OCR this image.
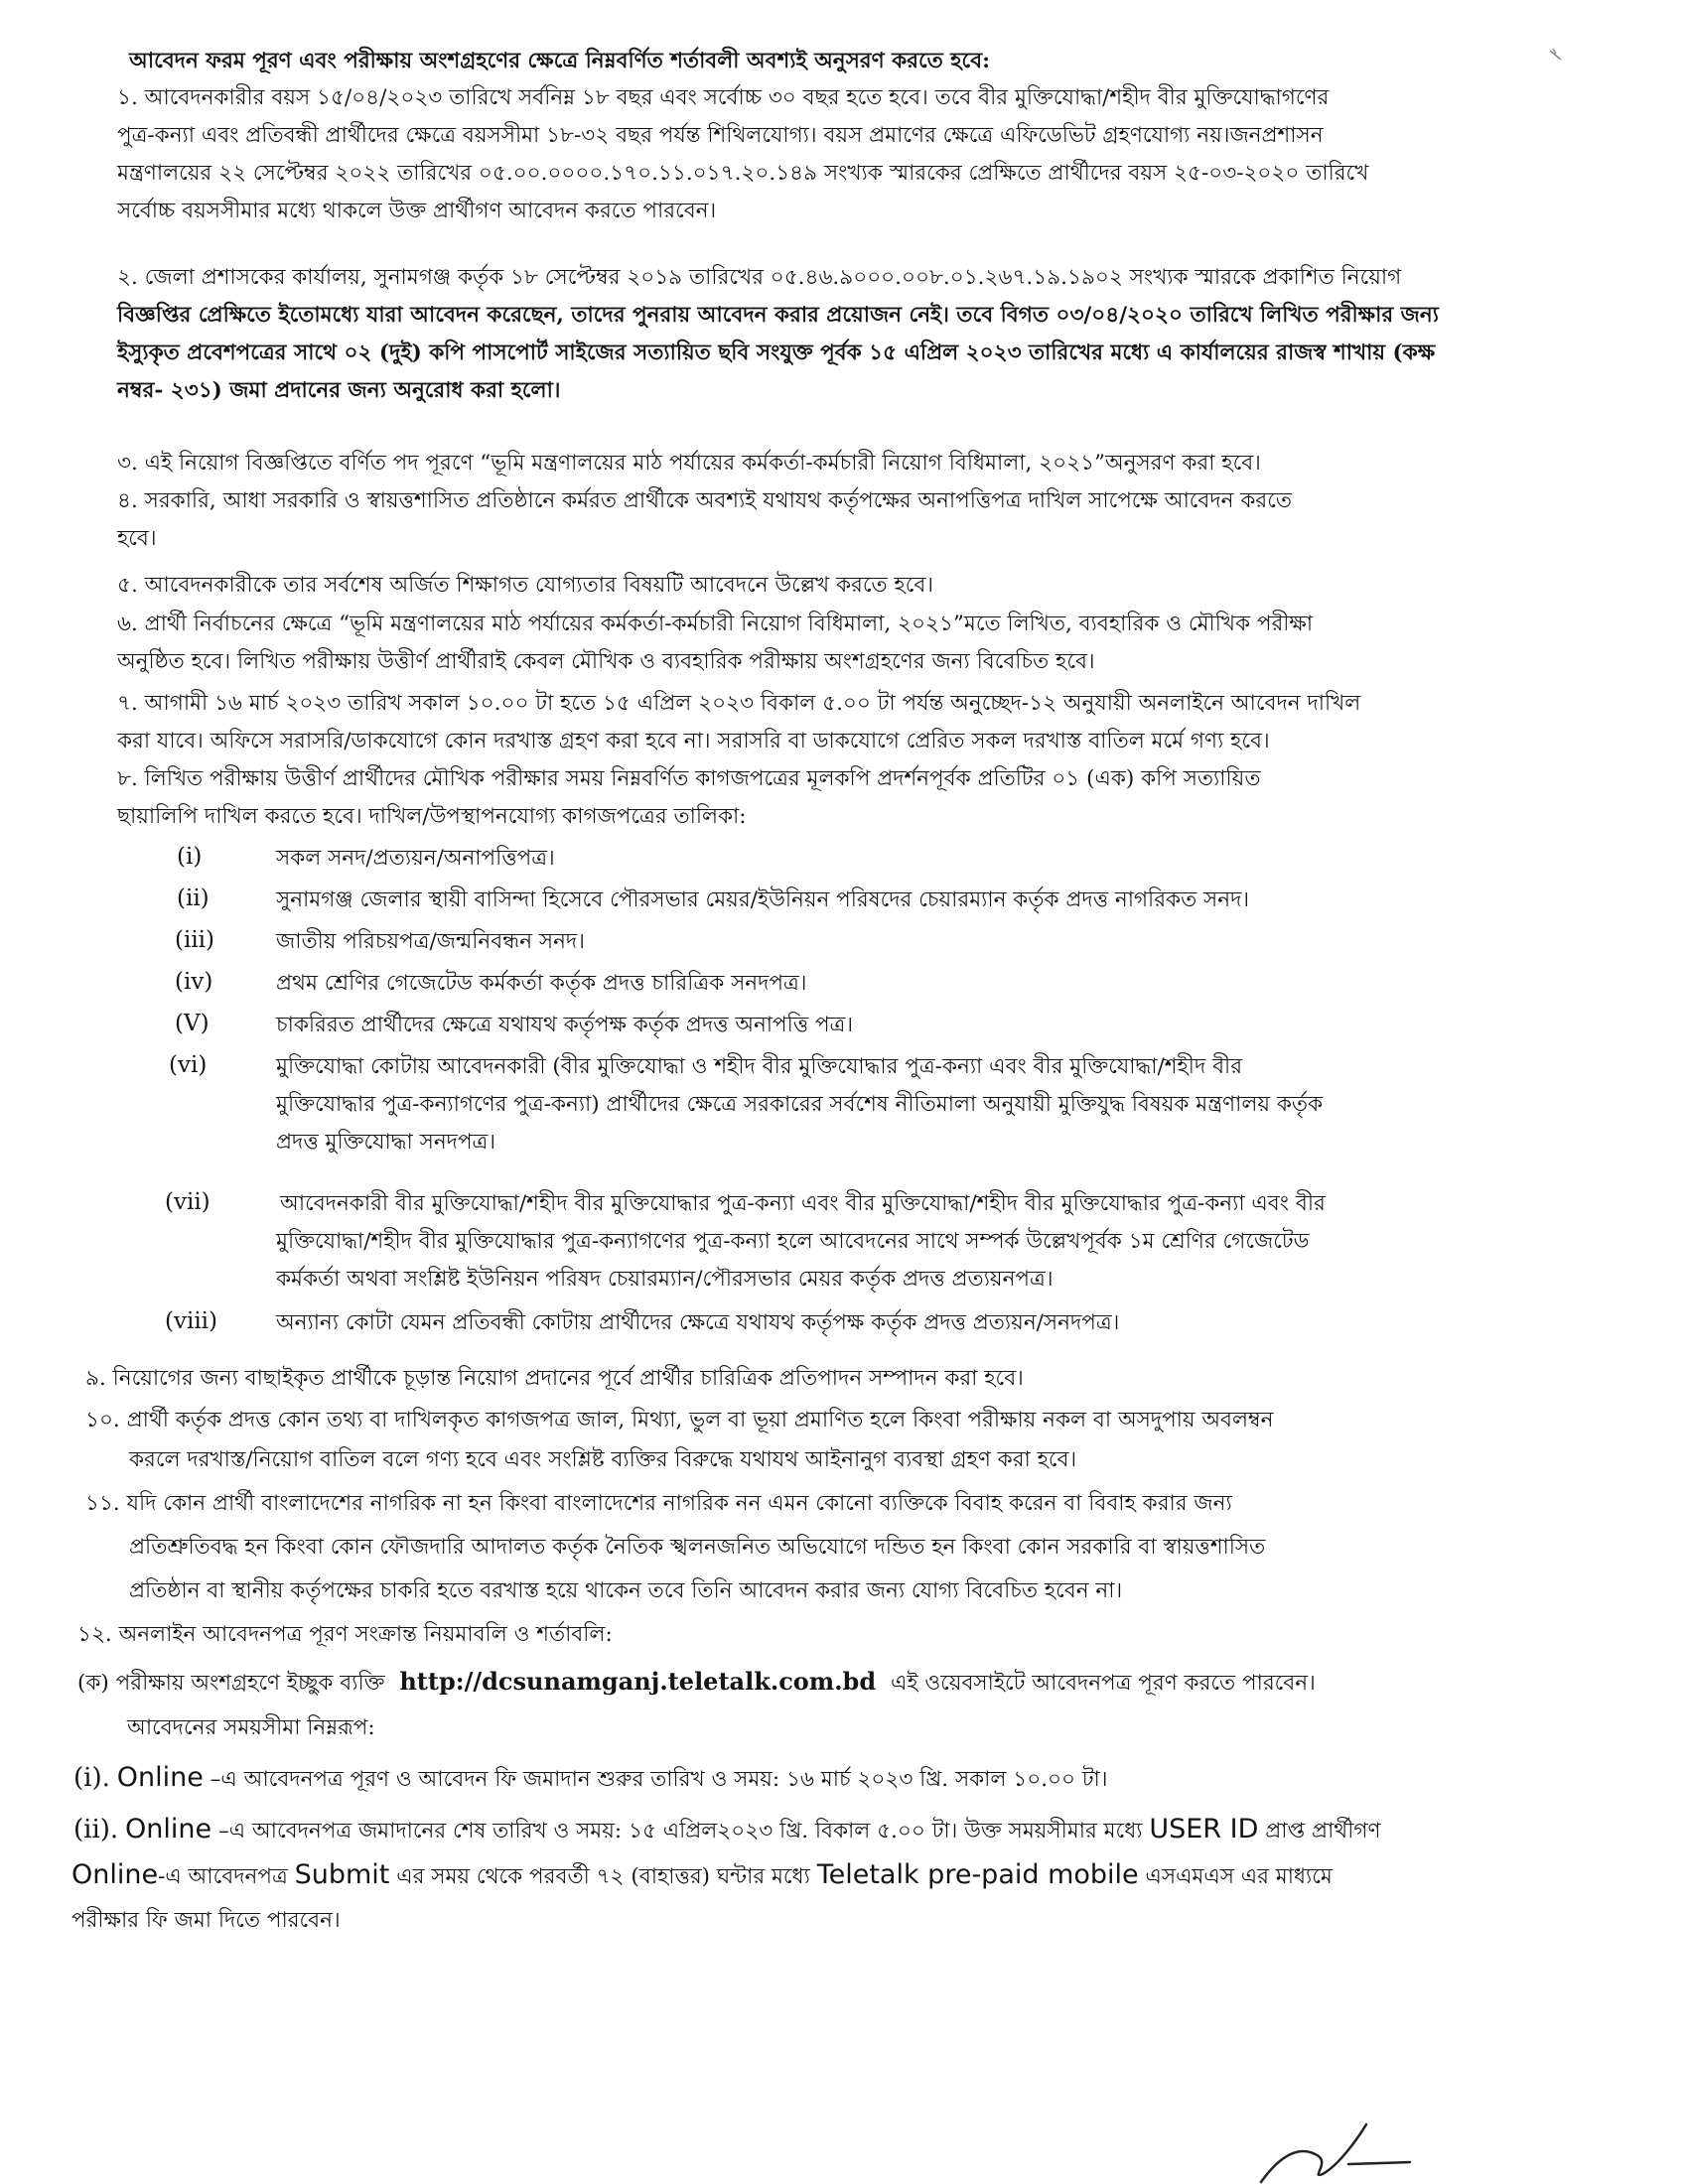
আবেদন ফরম পূরণ এবং পরীক্ষায় অংশগ্রহণের ক্ষেত্রে নিম্নবর্ণিত শর্তাবলী অবশ্যই অনুসরণ করতে হবে:

১. আবেদনকারীর বয়স ১৫/০৪/২০২৩ তারিখে সর্বনিম্ন ১৮ বছর এবং সর্বোচ্চ ৩০ বছর হতে হবে। তবে বীর মুক্তিযোদ্ধা/শহীদ বীর মুক্তিযোদ্ধাগণের

পুত্র-কন্যা এবং প্রতিবন্ধী প্রার্থীদের ক্ষেত্রে বয়সসীমা ১৮-৩২ বছর পর্যন্ত শিথিলযোগ্য। বয়স প্রমাণের ক্ষেত্রে এফিডেভিট গ্রহণযোগ্য নয়।জনপ্রশাসন

মন্ত্রণালয়ের ২২ সেপ্টেম্বর ২০২২ তারিখের ০৫.০০.০০০০.১৭০.১১.০১৭.২০.১৪৯ সংখ্যক স্মারকের প্রেক্ষিতে প্রার্থীদের বয়স ২৫-০৩-২০২০ তারিখে

সর্বোচ্চ বয়সসীমার মধ্যে থাকলে উক্ত প্রার্থীগণ আবেদন করতে পারবেন।

২. জেলা প্রশাসকের কার্যালয়, সুনামগঞ্জ কর্তৃক ১৮ সেপ্টেম্বর ২০১৯ তারিখের ০৫.৪৬.৯০০০.০০৮.০১.২৬৭.১৯.১৯০২ সংখ্যক স্মারকে প্রকাশিত নিয়োগ

বিজ্ঞপ্তির প্রেক্ষিতে ইতোমধ্যে যারা আবেদন করেছেন, তাদের পুনরায় আবেদন করার প্রয়োজন নেই। তবে বিগত ০৩/০৪/২০২০ তারিখে লিখিত পরীক্ষার জন্য

ইস্যুকৃত প্রবেশপত্রের সাথে ০২ (দুই) কপি পাসপোর্ট সাইজের সত্যায়িত ছবি সংযুক্ত পূর্বক ১৫ এপ্রিল ২০২৩ তারিখের মধ্যে এ কার্যালয়ের রাজস্ব শাখায় (কক্ষ

নম্বর- ২৩১) জমা প্রদানের জন্য অনুরোধ করা হলো।

৩. এই নিয়োগ বিজ্ঞপ্তিতে বর্ণিত পদ পূরণে “ভূমি মন্ত্রণালয়ের মাঠ পর্যায়ের কর্মকর্তা-কর্মচারী নিয়োগ বিধিমালা, ২০২১”অনুসরণ করা হবে।

৪. সরকারি, আধা সরকারি ও স্বায়ত্তশাসিত প্রতিষ্ঠানে কর্মরত প্রার্থীকে অবশ্যই যথাযথ কর্তৃপক্ষের অনাপত্তিপত্র দাখিল সাপেক্ষে আবেদন করতে

হবে।

৫. আবেদনকারীকে তার সর্বশেষ অর্জিত শিক্ষাগত যোগ্যতার বিষয়টি আবেদনে উল্লেখ করতে হবে।

৬. প্রার্থী নির্বাচনের ক্ষেত্রে “ভূমি মন্ত্রণালয়ের মাঠ পর্যায়ের কর্মকর্তা-কর্মচারী নিয়োগ বিধিমালা, ২০২১”মতে লিখিত, ব্যবহারিক ও মৌখিক পরীক্ষা

অনুষ্ঠিত হবে। লিখিত পরীক্ষায় উত্তীর্ণ প্রার্থীরাই কেবল মৌখিক ও ব্যবহারিক পরীক্ষায় অংশগ্রহণের জন্য বিবেচিত হবে।

৭. আগামী ১৬ মার্চ ২০২৩ তারিখ সকাল ১০.০০ টা হতে ১৫ এপ্রিল ২০২৩ বিকাল ৫.০০ টা পর্যন্ত অনুচ্ছেদ-১২ অনুযায়ী অনলাইনে আবেদন দাখিল

করা যাবে। অফিসে সরাসরি/ডাকযোগে কোন দরখাস্ত গ্রহণ করা হবে না। সরাসরি বা ডাকযোগে প্রেরিত সকল দরখাস্ত বাতিল মর্মে গণ্য হবে।

৮. লিখিত পরীক্ষায় উত্তীর্ণ প্রার্থীদের মৌখিক পরীক্ষার সময় নিম্নবর্ণিত কাগজপত্রের মূলকপি প্রদর্শনপূর্বক প্রতিটির ০১ (এক) কপি সত্যায়িত

ছায়ালিপি দাখিল করতে হবে। দাখিল/উপস্থাপনযোগ্য কাগজপত্রের তালিকা:

(i)	সকল সনদ/প্রত্যয়ন/অনাপত্তিপত্র।

(ii)	সুনামগঞ্জ জেলার স্থায়ী বাসিন্দা হিসেবে পৌরসভার মেয়র/ইউনিয়ন পরিষদের চেয়ারম্যান কর্তৃক প্রদত্ত নাগরিকত সনদ।

(iii)	জাতীয় পরিচয়পত্র/জন্মনিবন্ধন সনদ।

(iv)	প্রথম শ্রেণির গেজেটেড কর্মকর্তা কর্তৃক প্রদত্ত চারিত্রিক সনদপত্র।

(V)	চাকরিরত প্রার্থীদের ক্ষেত্রে যথাযথ কর্তৃপক্ষ কর্তৃক প্রদত্ত অনাপত্তি পত্র।

(vi)	মুক্তিযোদ্ধা কোটায় আবেদনকারী (বীর মুক্তিযোদ্ধা ও শহীদ বীর মুক্তিযোদ্ধার পুত্র-কন্যা এবং বীর মুক্তিযোদ্ধা/শহীদ বীর

মুক্তিযোদ্ধার পুত্র-কন্যাগণের পুত্র-কন্যা) প্রার্থীদের ক্ষেত্রে সরকারের সর্বশেষ নীতিমালা অনুযায়ী মুক্তিযুদ্ধ বিষয়ক মন্ত্রণালয় কর্তৃক

প্রদত্ত মুক্তিযোদ্ধা সনদপত্র।

(vii)	আবেদনকারী বীর মুক্তিযোদ্ধা/শহীদ বীর মুক্তিযোদ্ধার পুত্র-কন্যা এবং বীর মুক্তিযোদ্ধা/শহীদ বীর মুক্তিযোদ্ধার পুত্র-কন্যা এবং বীর

মুক্তিযোদ্ধা/শহীদ বীর মুক্তিযোদ্ধার পুত্র-কন্যাগণের পুত্র-কন্যা হলে আবেদনের সাথে সম্পর্ক উল্লেখপূর্বক ১ম শ্রেণির গেজেটেড

কর্মকর্তা অথবা সংশ্লিষ্ট ইউনিয়ন পরিষদ চেয়ারম্যান/পৌরসভার মেয়র কর্তৃক প্রদত্ত প্রত্যয়নপত্র।

(viii)	অন্যান্য কোটা যেমন প্রতিবন্ধী কোটায় প্রার্থীদের ক্ষেত্রে যথাযথ কর্তৃপক্ষ কর্তৃক প্রদত্ত প্রত্যয়ন/সনদপত্র।

৯. নিয়োগের জন্য বাছাইকৃত প্রার্থীকে চূড়ান্ত নিয়োগ প্রদানের পূর্বে প্রার্থীর চারিত্রিক প্রতিপাদন সম্পাদন করা হবে।

১০. প্রার্থী কর্তৃক প্রদত্ত কোন তথ্য বা দাখিলকৃত কাগজপত্র জাল, মিথ্যা, ভুল বা ভূয়া প্রমাণিত হলে কিংবা পরীক্ষায় নকল বা অসদুপায় অবলম্বন

করলে দরখাস্ত/নিয়োগ বাতিল বলে গণ্য হবে এবং সংশ্লিষ্ট ব্যক্তির বিরুদ্ধে যথাযথ আইনানুগ ব্যবস্থা গ্রহণ করা হবে।

১১. যদি কোন প্রার্থী বাংলাদেশের নাগরিক না হন কিংবা বাংলাদেশের নাগরিক নন এমন কোনো ব্যক্তিকে বিবাহ করেন বা বিবাহ করার জন্য

প্রতিশ্রুতিবদ্ধ হন কিংবা কোন ফৌজদারি আদালত কর্তৃক নৈতিক স্খলনজনিত অভিযোগে দন্ডিত হন কিংবা কোন সরকারি বা স্বায়ত্তশাসিত

প্রতিষ্ঠান বা স্থানীয় কর্তৃপক্ষের চাকরি হতে বরখাস্ত হয়ে থাকেন তবে তিনি আবেদন করার জন্য যোগ্য বিবেচিত হবেন না।

১২. অনলাইন আবেদনপত্র পূরণ সংক্রান্ত নিয়মাবলি ও শর্তাবলি:

(ক) পরীক্ষায় অংশগ্রহণে ইচ্ছুক ব্যক্তি http://dcsunamganj.teletalk.com.bd এই ওয়েবসাইটে আবেদনপত্র পূরণ করতে পারবেন।

আবেদনের সময়সীমা নিম্নরূপ:

(i). Online –এ আবেদনপত্র পূরণ ও আবেদন ফি জমাদান শুরুর তারিখ ও সময়: ১৬ মার্চ ২০২৩ খ্রি. সকাল ১০.০০ টা।

(ii). Online –এ আবেদনপত্র জমাদানের শেষ তারিখ ও সময়: ১৫ এপ্রিল২০২৩ খ্রি. বিকাল ৫.০০ টা। উক্ত সময়সীমার মধ্যে USER ID প্রাপ্ত প্রার্থীগণ

Online-এ আবেদনপত্র Submit এর সময় থেকে পরবর্তী ৭২ (বাহাত্তর) ঘন্টার মধ্যে Teletalk pre-paid mobile এসএমএস এর মাধ্যমে

পরীক্ষার ফি জমা দিতে পারবেন।
